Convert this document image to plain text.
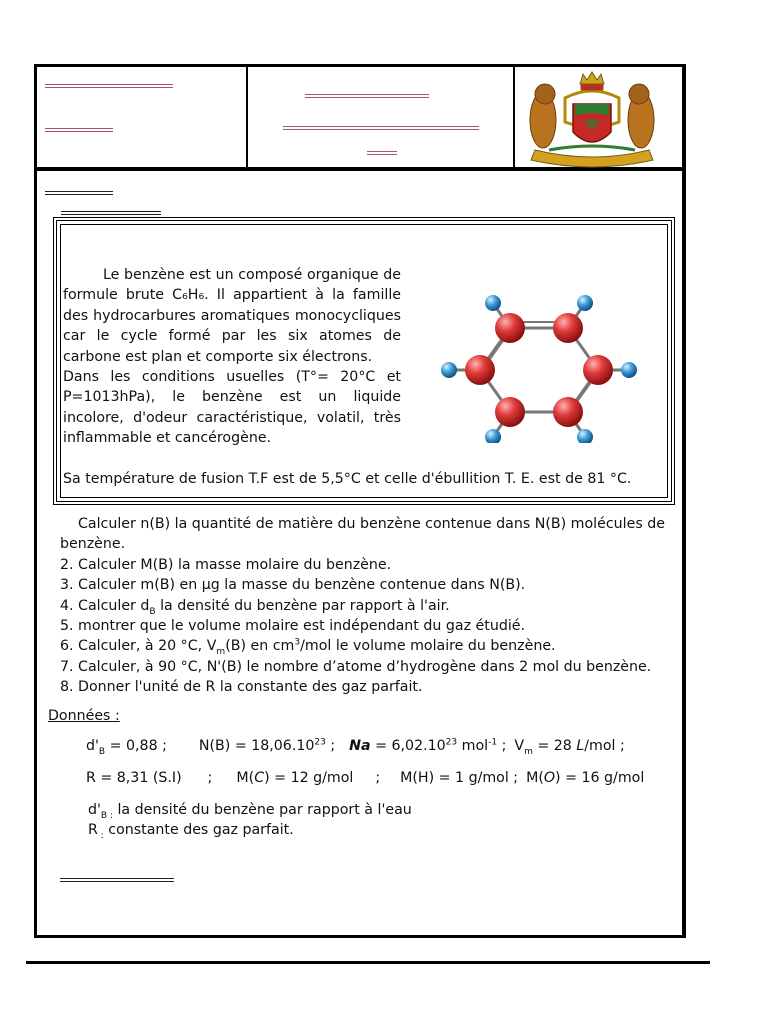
Le benzène est un composé organique de formule brute C₆H₆. Il appartient à la famille des hydrocarbures aromatiques monocycliques car le cycle formé par les six atomes de carbone est plan et comporte six électrons.

Dans les conditions usuelles (T°= 20°C et P=1013hPa), le benzène est un liquide incolore, d'odeur caractéristique, volatil, très inflammable et cancérogène.

Sa température de fusion T.F est de 5,5°C et celle d'ébullition T. E. est de 81 °C.

Calculer n(B) la quantité de matière du benzène contenue dans N(B) molécules de benzène.

2. Calculer M(B) la masse molaire du benzène.

3. Calculer m(B) en μg la masse du benzène contenue dans N(B).

4. Calculer $d_B$ la densité du benzène par rapport à l'air.

5. montrer que le volume molaire est indépendant du gaz étudié.

6. Calculer, à 20 °C, $V_m(B)$ en $cm^3$/mol le volume molaire du benzène.

7. Calculer, à 90 °C, N'(B) le nombre d’atome d’hydrogène dans 2 mol du benzène.

8. Donner l'unité de R la constante des gaz parfait.

Données :
$d'_B = 0,88$ ; $N(B) = 18,06.10^{23}$ ; $Na = 6,02.10^{23}$ mol$^{-1}$ ; $V_m = 28$ L/mol ;
R = 8,31 (S.I) ; M(C) = 12 g/mol ; M(H) = 1 g/mol ; M(O) = 16 g/mol
$d'_{B :}$ la densité du benzène par rapport à l'eau
R $_:$ constante des gaz parfait.
